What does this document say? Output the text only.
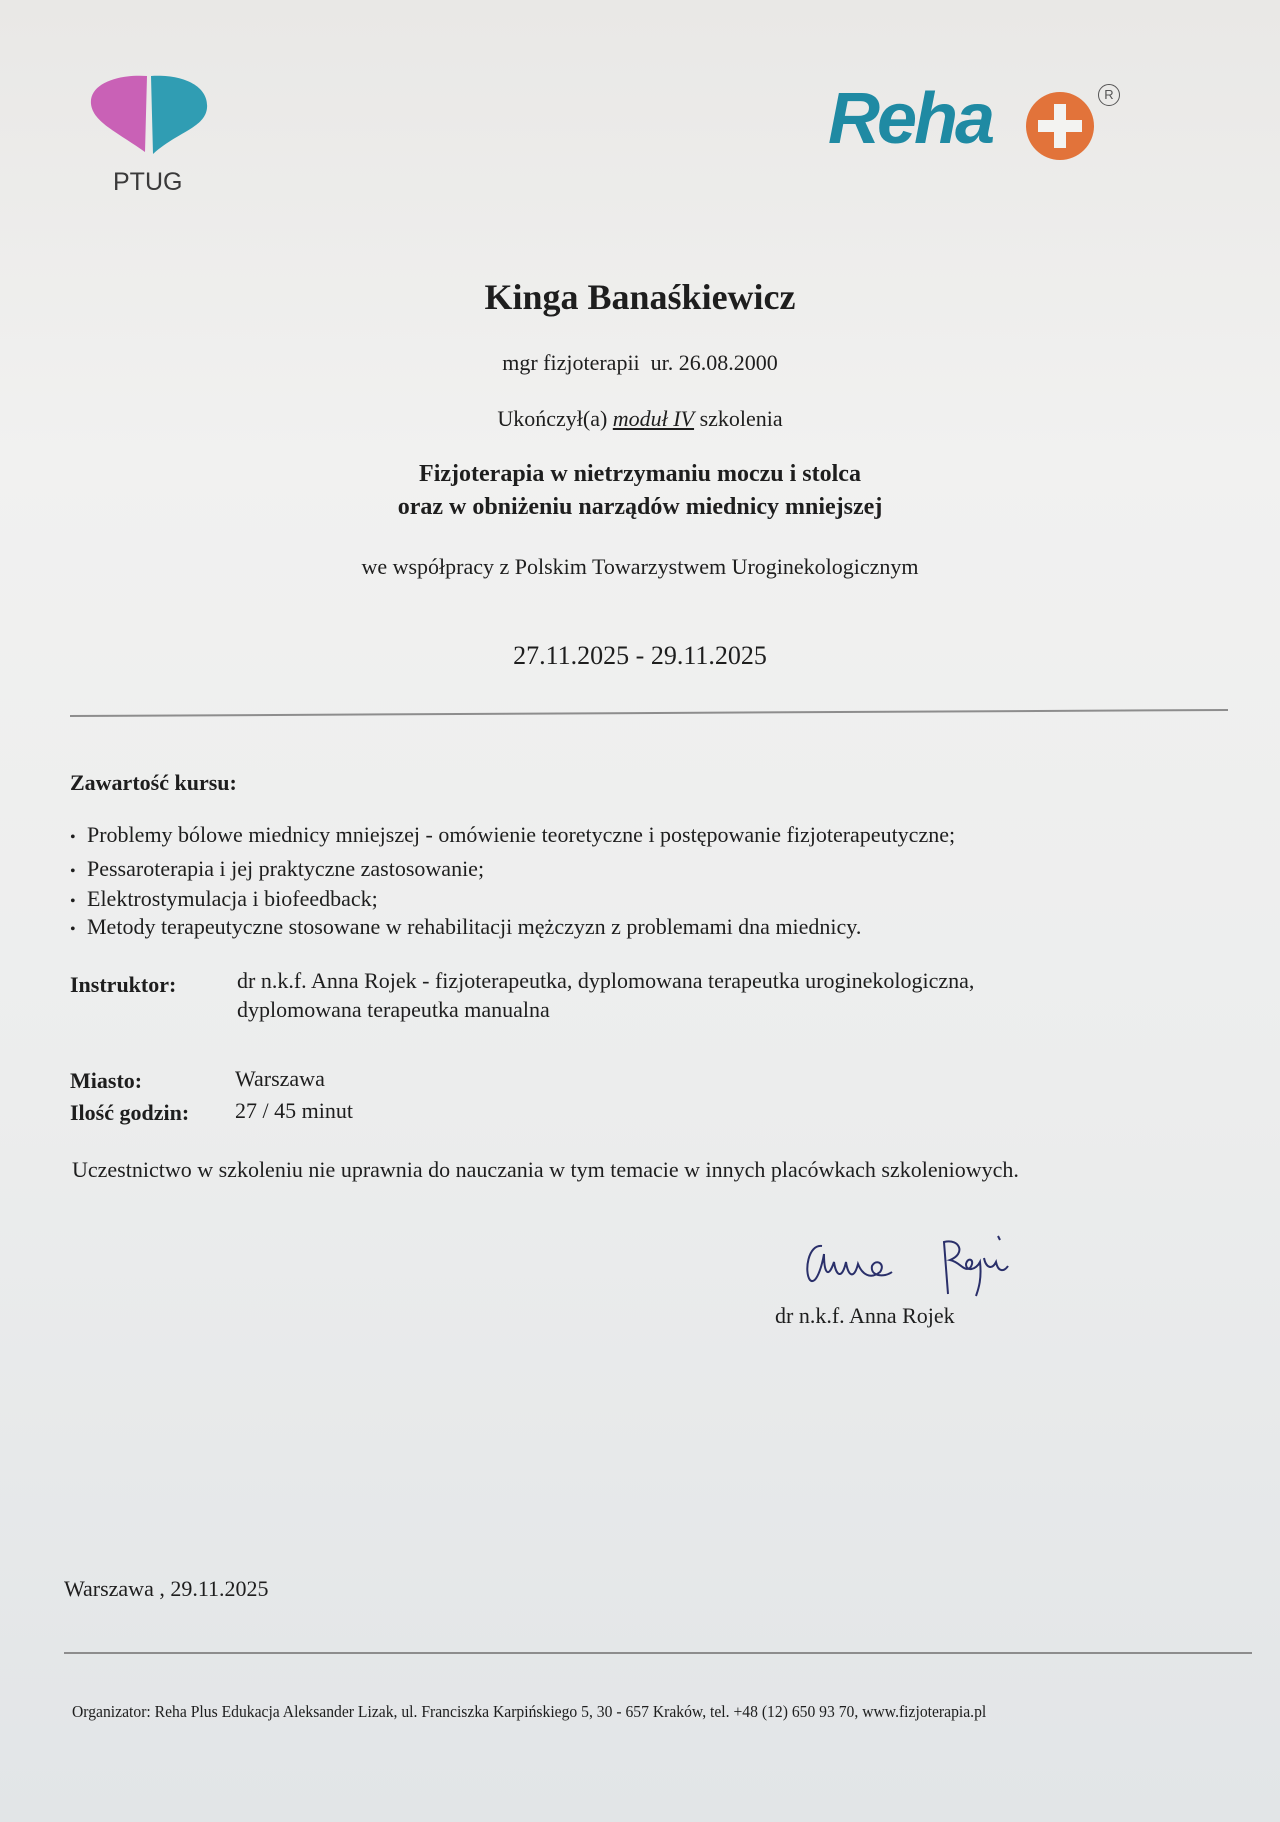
PTUG
Reha	R
Kinga Banaśkiewicz
mgr fizjoterapii  ur. 26.08.2000
Ukończył(a) moduł IV szkolenia
Fizjoterapia w nietrzymaniu moczu i stolca
oraz w obniżeniu narządów miednicy mniejszej
we współpracy z Polskim Towarzystwem Uroginekologicznym
27.11.2025 - 29.11.2025
Zawartość kursu:
• Problemy bólowe miednicy mniejszej - omówienie teoretyczne i postępowanie fizjoterapeutyczne;
• Pessaroterapia i jej praktyczne zastosowanie;
• Elektrostymulacja i biofeedback;
• Metody terapeutyczne stosowane w rehabilitacji mężczyzn z problemami dna miednicy.
Instruktor:	dr n.k.f. Anna Rojek - fizjoterapeutka, dyplomowana terapeutka uroginekologiczna,
dyplomowana terapeutka manualna
Miasto:	Warszawa
Ilość godzin: 27 / 45 minut
Uczestnictwo w szkoleniu nie uprawnia do nauczania w tym temacie w innych placówkach szkoleniowych.
dr n.k.f. Anna Rojek
Warszawa , 29.11.2025
Organizator: Reha Plus Edukacja Aleksander Lizak, ul. Franciszka Karpińskiego 5, 30 - 657 Kraków, tel. +48 (12) 650 93 70, www.fizjoterapia.pl
